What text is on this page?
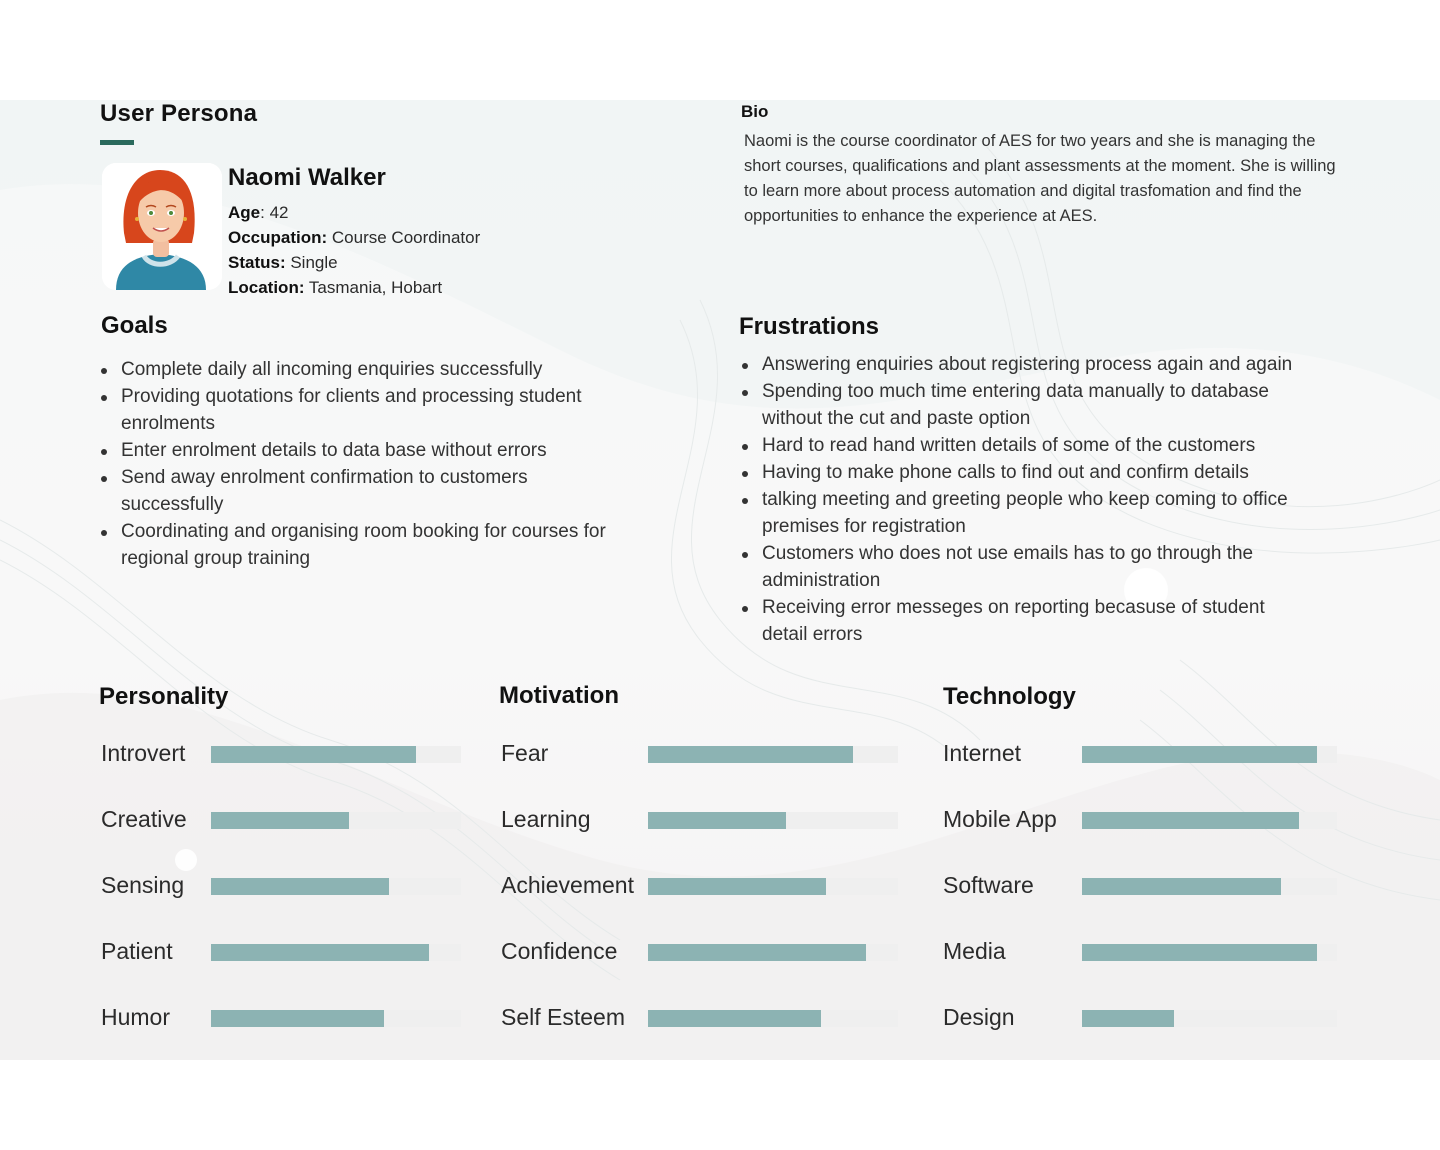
User Persona
Naomi Walker
Age: 42
Occupation: Course Coordinator
Status: Single
Location: Tasmania, Hobart
Bio

Naomi is the course coordinator of AES for two years and she is managing the short courses, qualifications and plant assessments at the moment. She is willing to learn more about process automation and digital trasfomation and find the opportunities to enhance the experience at AES.

Goals
Complete daily all incoming enquiries successfully
Providing quotations for clients and processing student enrolments
Enter enrolment details to data base without errors
Send away enrolment confirmation to customers successfully
Coordinating and organising room booking for courses for regional group training
Frustrations
Answering enquiries about registering process again and again
Spending too much time entering data manually to database without the cut and paste option
Hard to read hand written details of some of the customers
Having to make phone calls to find out and confirm details
talking meeting and greeting people who keep coming to office premises for registration
Customers who does not use emails has to go through the administration
Receiving error messeges on reporting becasuse of student detail errors
Personality	Motivation	Technology
Introvert
Creative
Sensing
Patient
Humor
Fear
Learning
Achievement
Confidence
Self Esteem
Internet
Mobile App
Software
Media
Design
